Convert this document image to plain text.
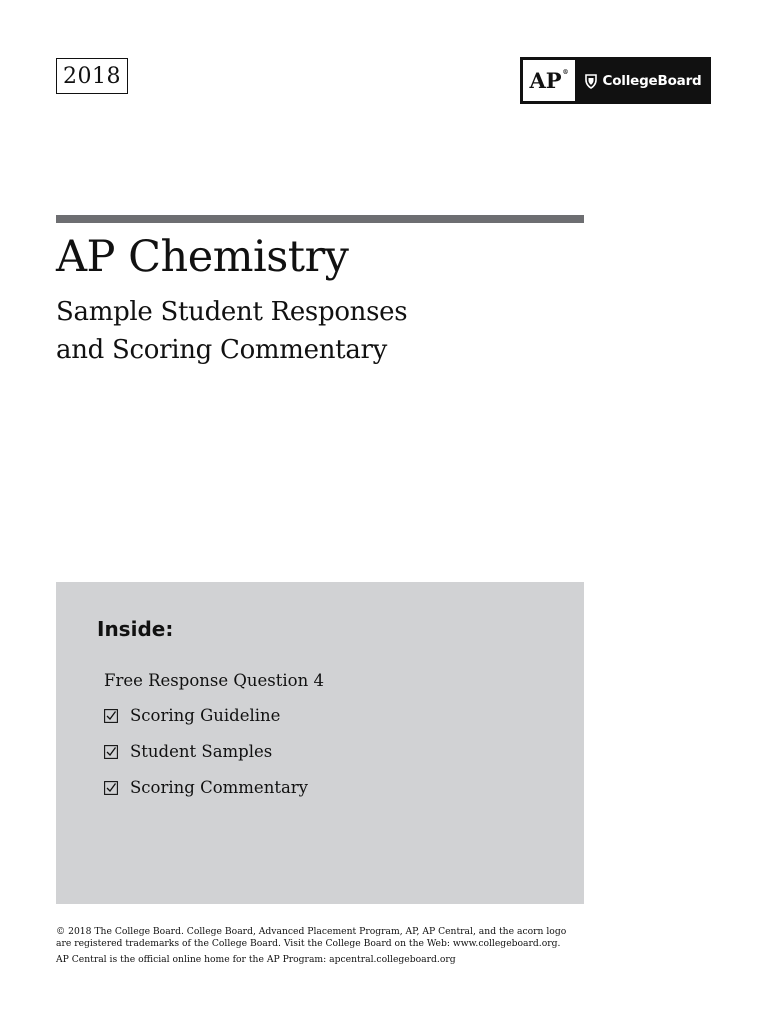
2018	AP®	CollegeBoard
AP Chemistry
Sample Student Responses
and Scoring Commentary
Inside:
Free Response Question 4
Scoring Guideline
Student Samples
Scoring Commentary

© 2018 The College Board. College Board, Advanced Placement Program, AP, AP Central, and the acorn logo

are registered trademarks of the College Board. Visit the College Board on the Web: www.collegeboard.org.

AP Central is the official online home for the AP Program: apcentral.collegeboard.org
